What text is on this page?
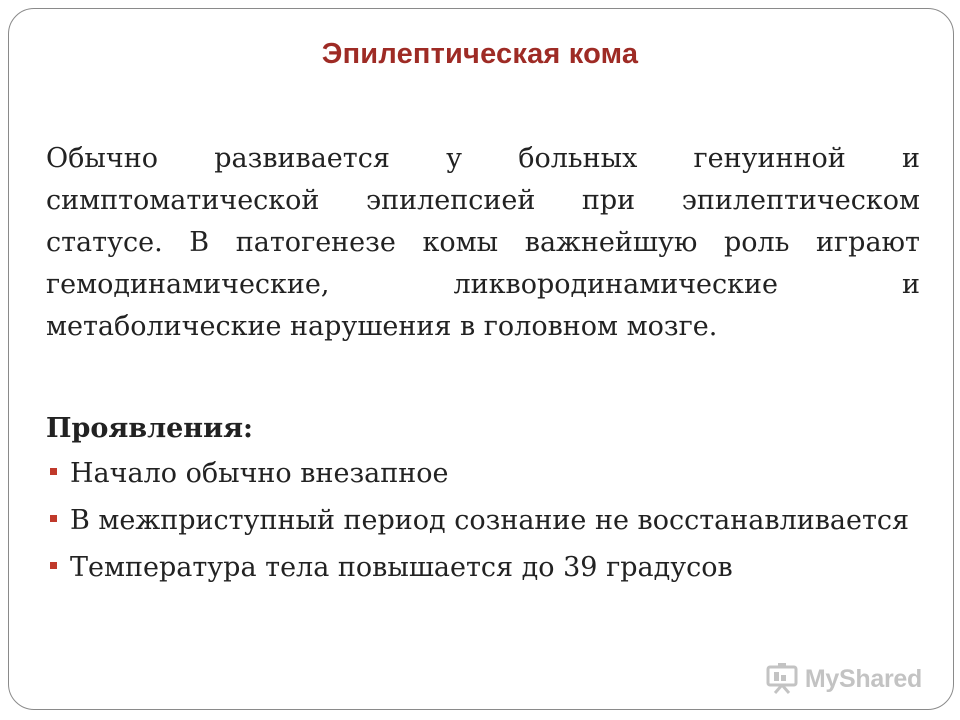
Эпилептическая кома
Обычно развивается у больных генуинной и симптоматической эпилепсией при эпилептическом статусе. В патогенезе комы важнейшую роль играют гемодинамические, ликвородинамические и метаболические нарушения в головном мозге.
Проявления:
Начало обычно внезапное
В межприступный период сознание не восстанавливается
Температура тела повышается до 39 градусов
MyShared
